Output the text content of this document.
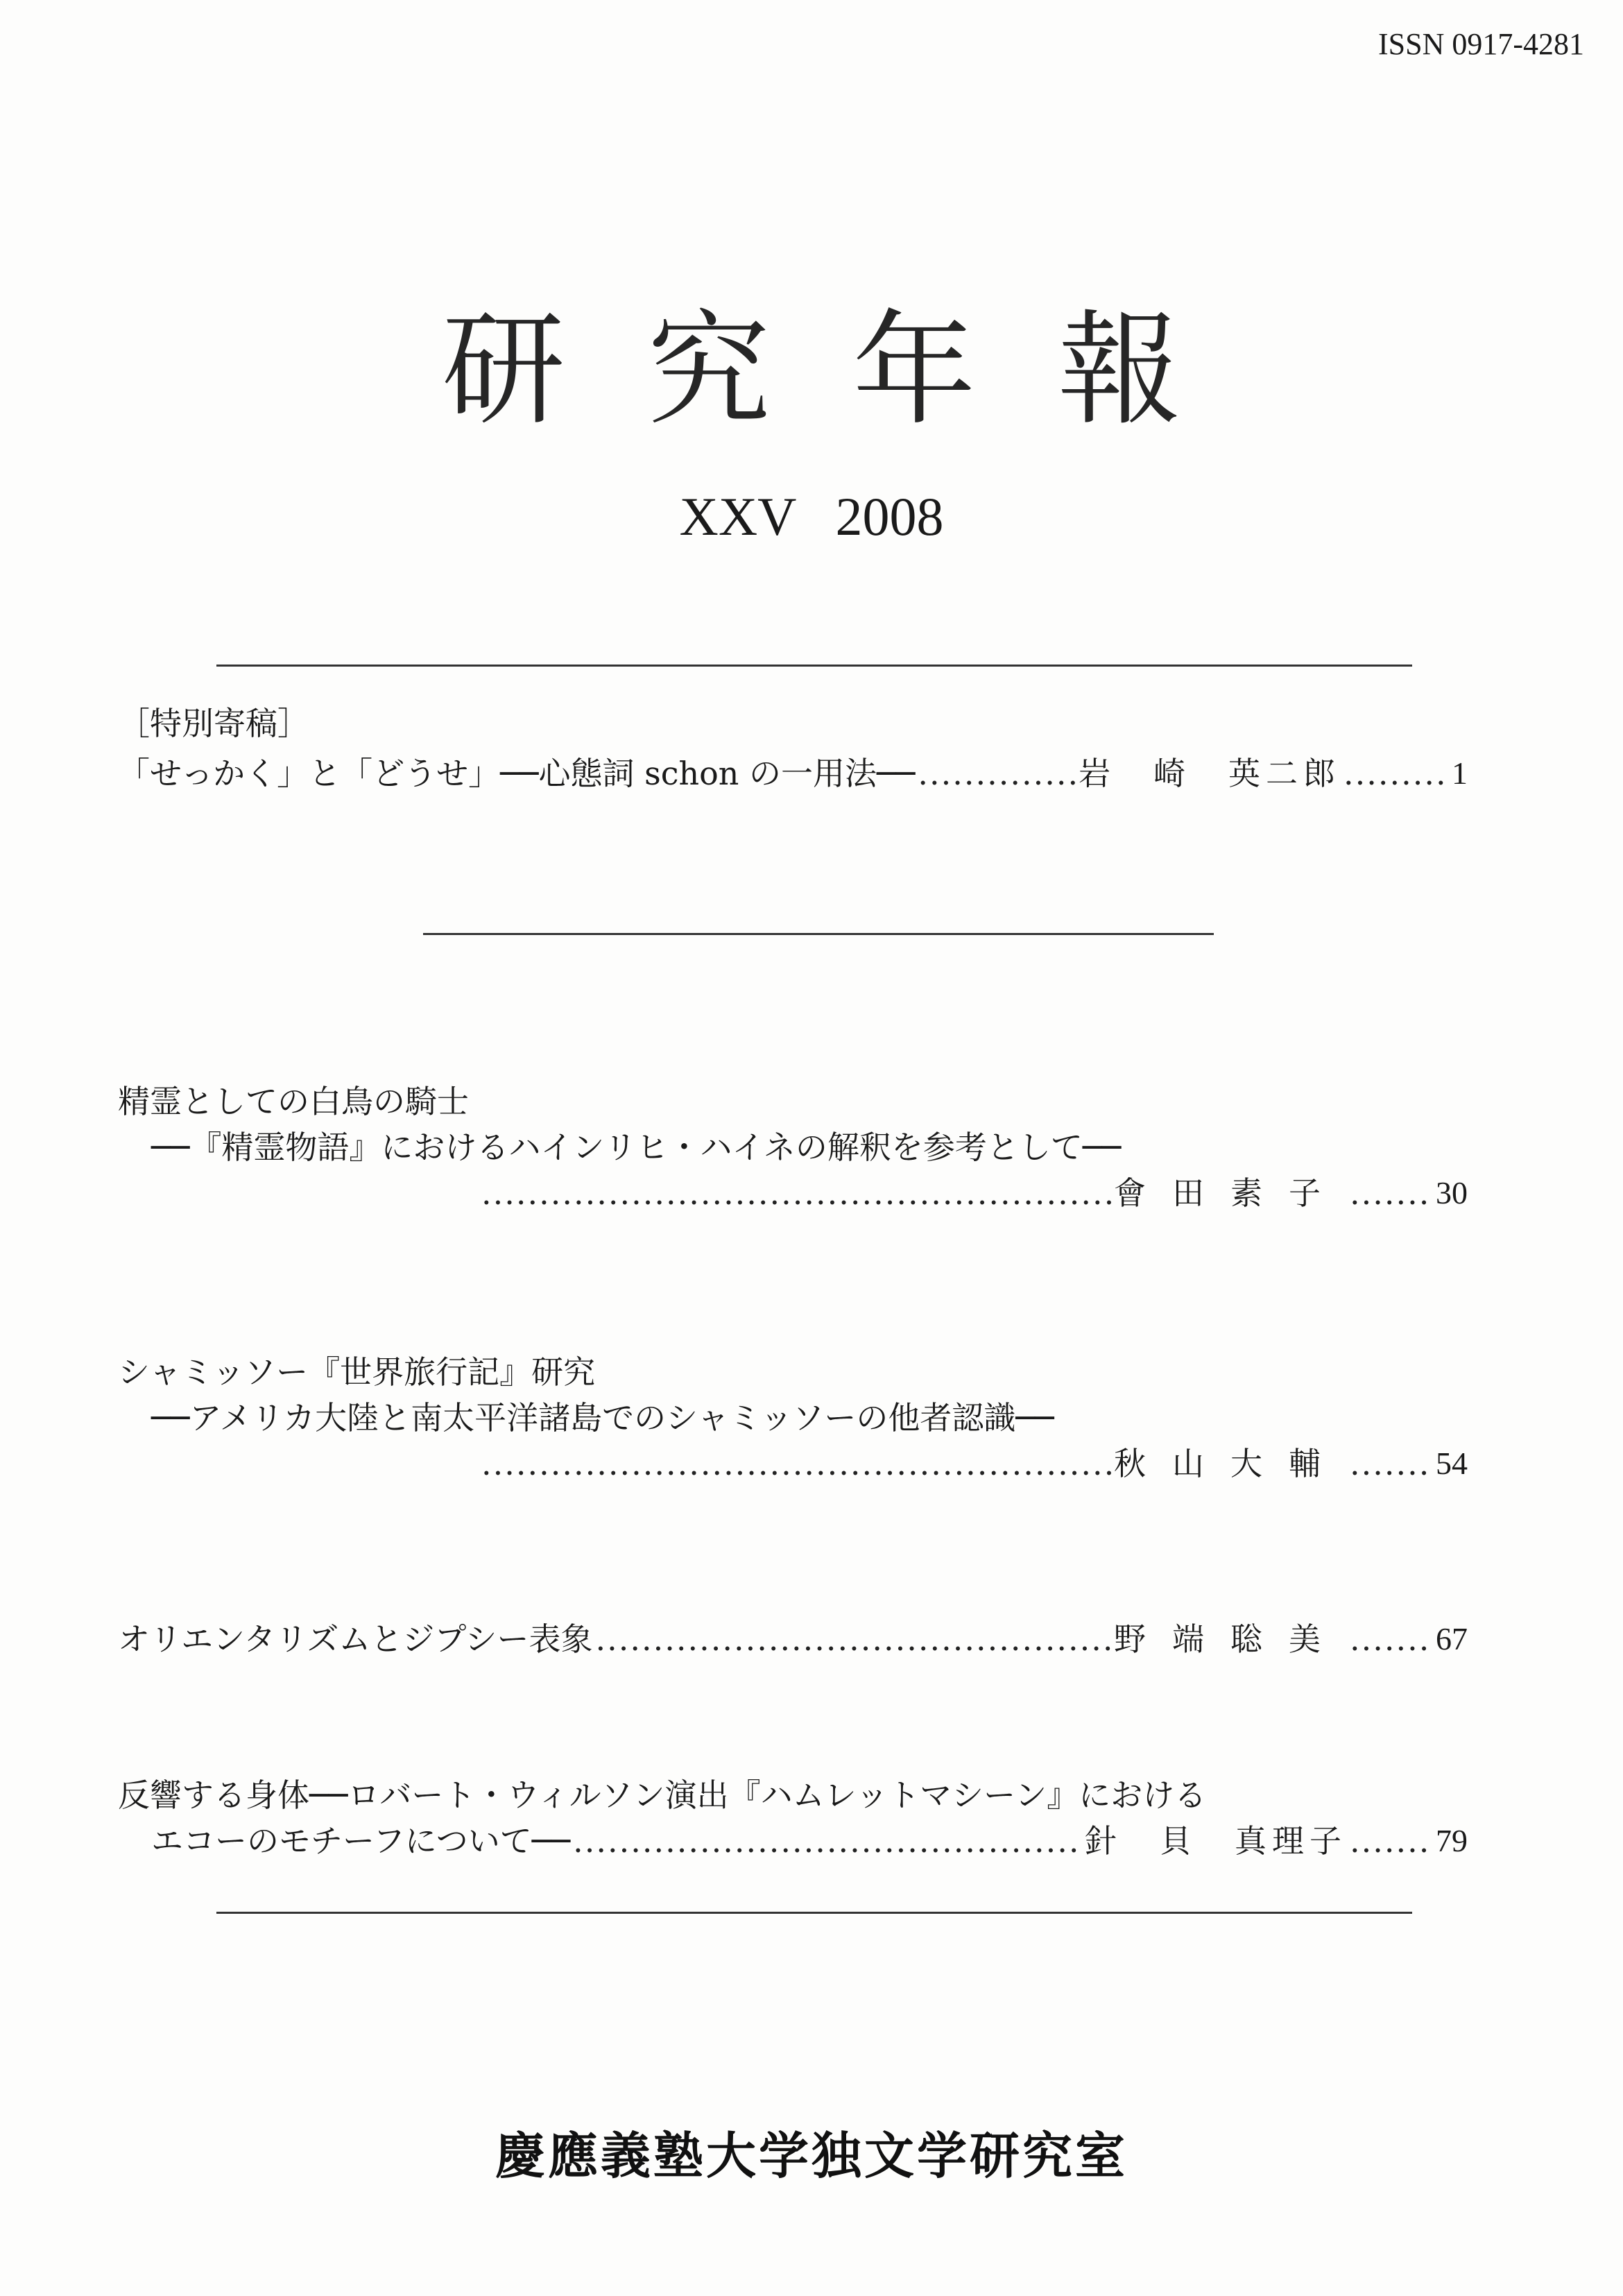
ISSN 0917-4281
研究年報
XXV 2008
［特別寄稿］
「せっかく」と「どうせ」──心態詞 schon の一用法── .....	岩　崎　英二郎 .....	1
精霊としての白鳥の騎士
──『精霊物語』におけるハインリヒ・ハイネの解釈を参考として──
.....
會田素子 .....	30
シャミッソー『世界旅行記』研究
──アメリカ大陸と南太平洋諸島でのシャミッソーの他者認識──
.....
秋山大輔 .....	54
オリエンタリズムとジプシー表象 .....	野端聡美 .....	67
反響する身体──ロバート・ウィルソン演出『ハムレットマシーン』における
エコーのモチーフについて── .....	針　貝　真理子 .....	79
慶應義塾大学独文学研究室
